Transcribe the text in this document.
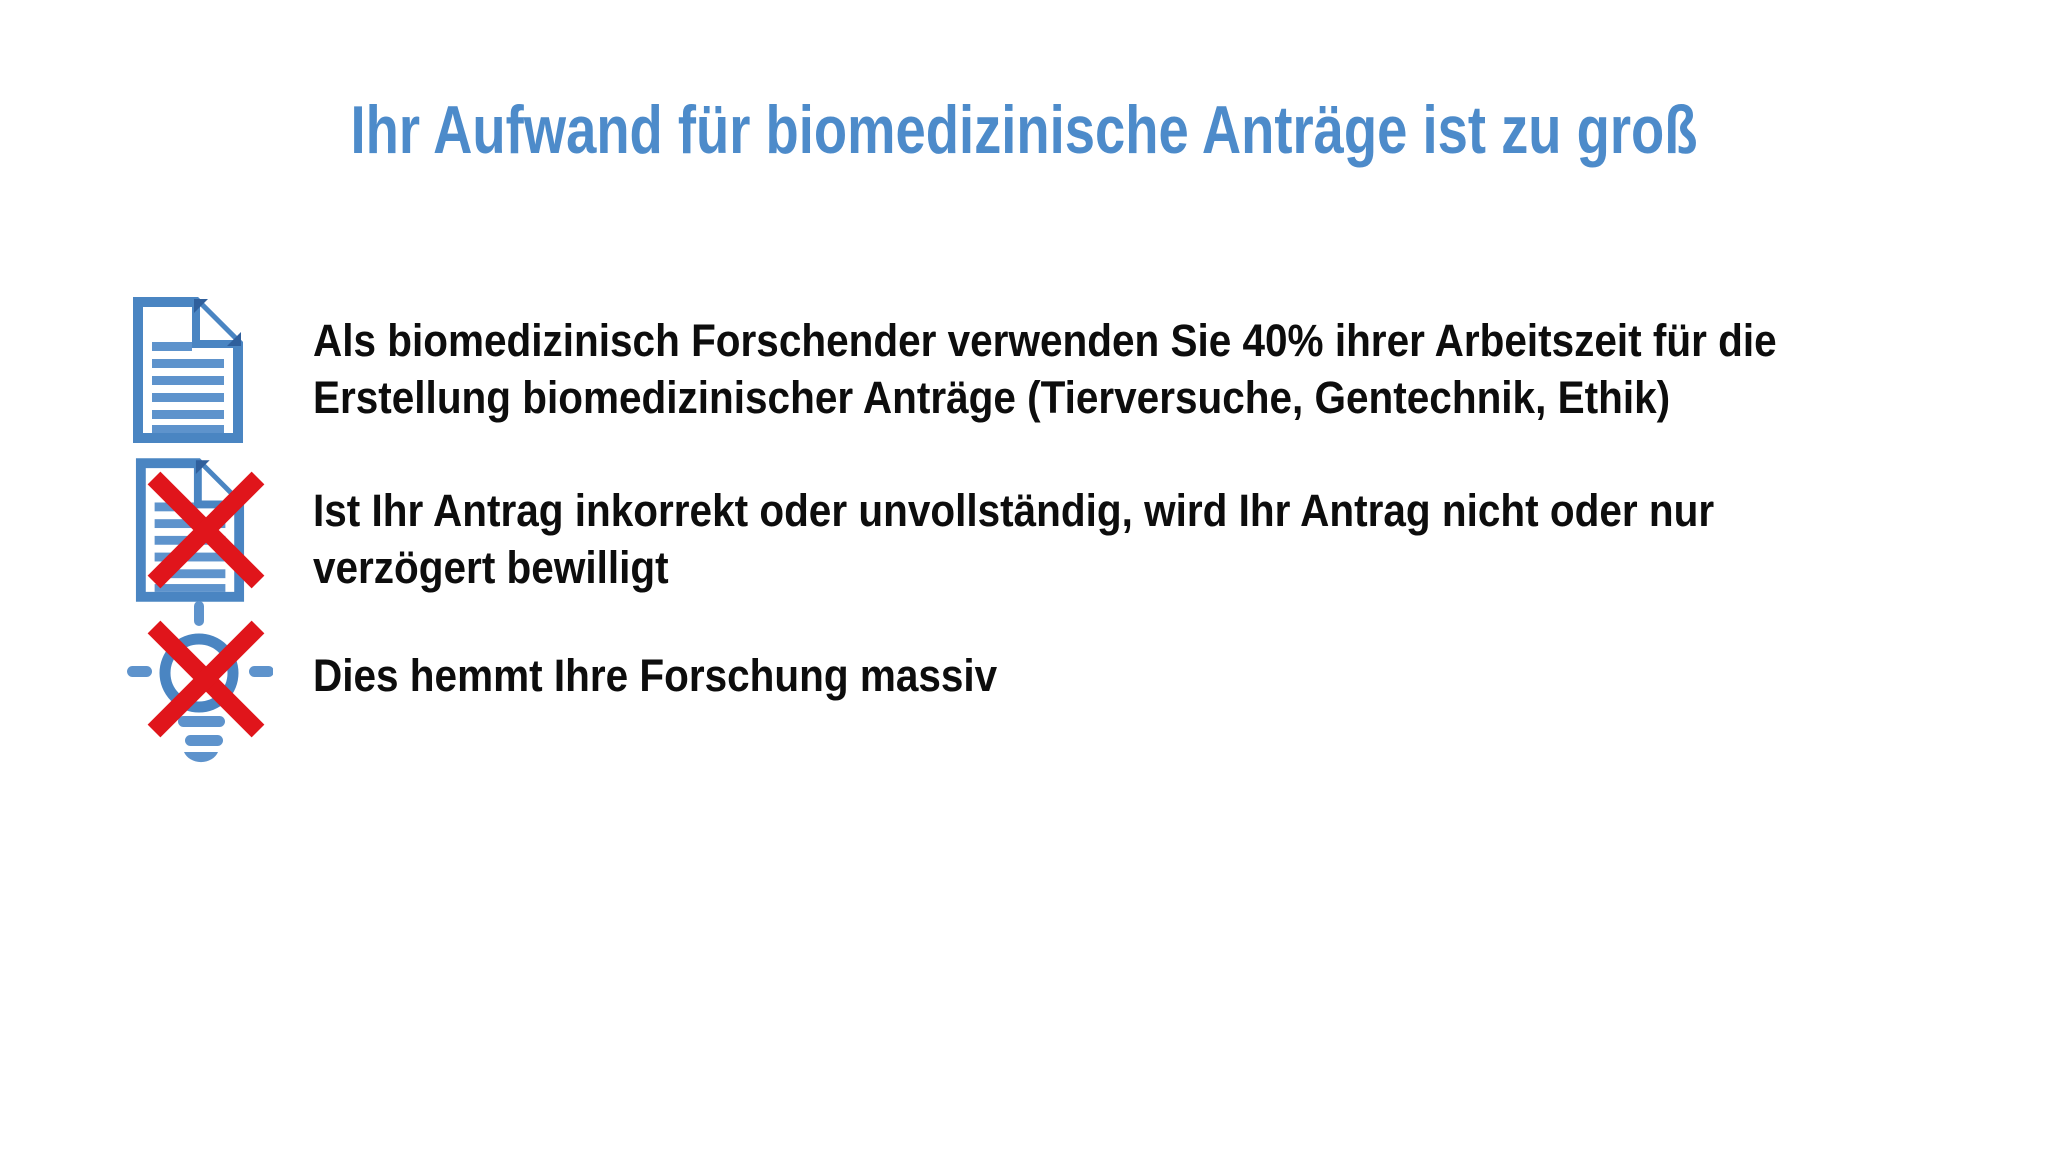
Ihr Aufwand für biomedizinische Anträge ist zu groß
Als biomedizinisch Forschender verwenden Sie 40% ihrer Arbeitszeit für die
Erstellung biomedizinischer Anträge (Tierversuche, Gentechnik, Ethik)
Ist Ihr Antrag inkorrekt oder unvollständig, wird Ihr Antrag nicht oder nur
verzögert bewilligt
Dies hemmt Ihre Forschung massiv
